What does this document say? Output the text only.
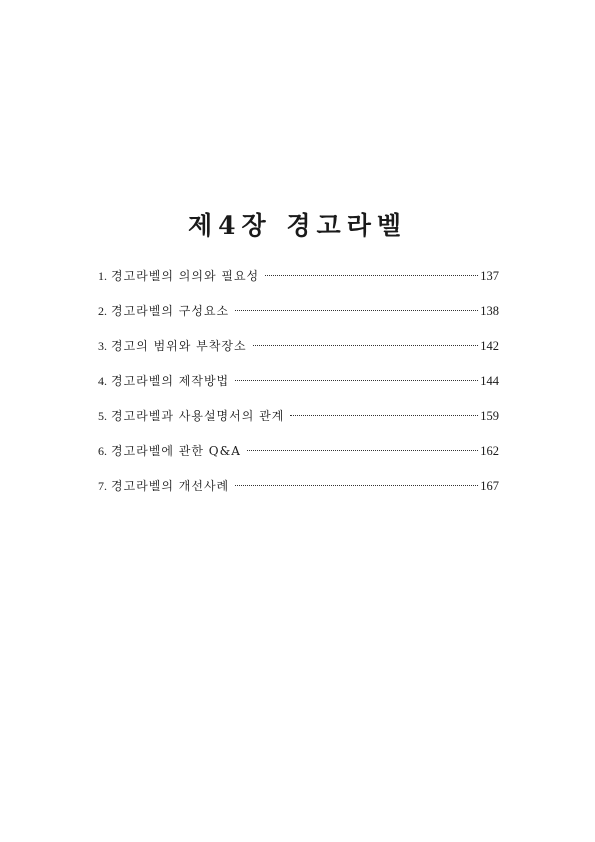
제4장 경고라벨
1. 경고라벨의 의의와 필요성	137
2. 경고라벨의 구성요소	138
3. 경고의 범위와 부착장소	142
4. 경고라벨의 제작방법	144
5. 경고라벨과 사용설명서의 관계	159
6. 경고라벨에 관한 Q&A	162
7. 경고라벨의 개선사례	167
